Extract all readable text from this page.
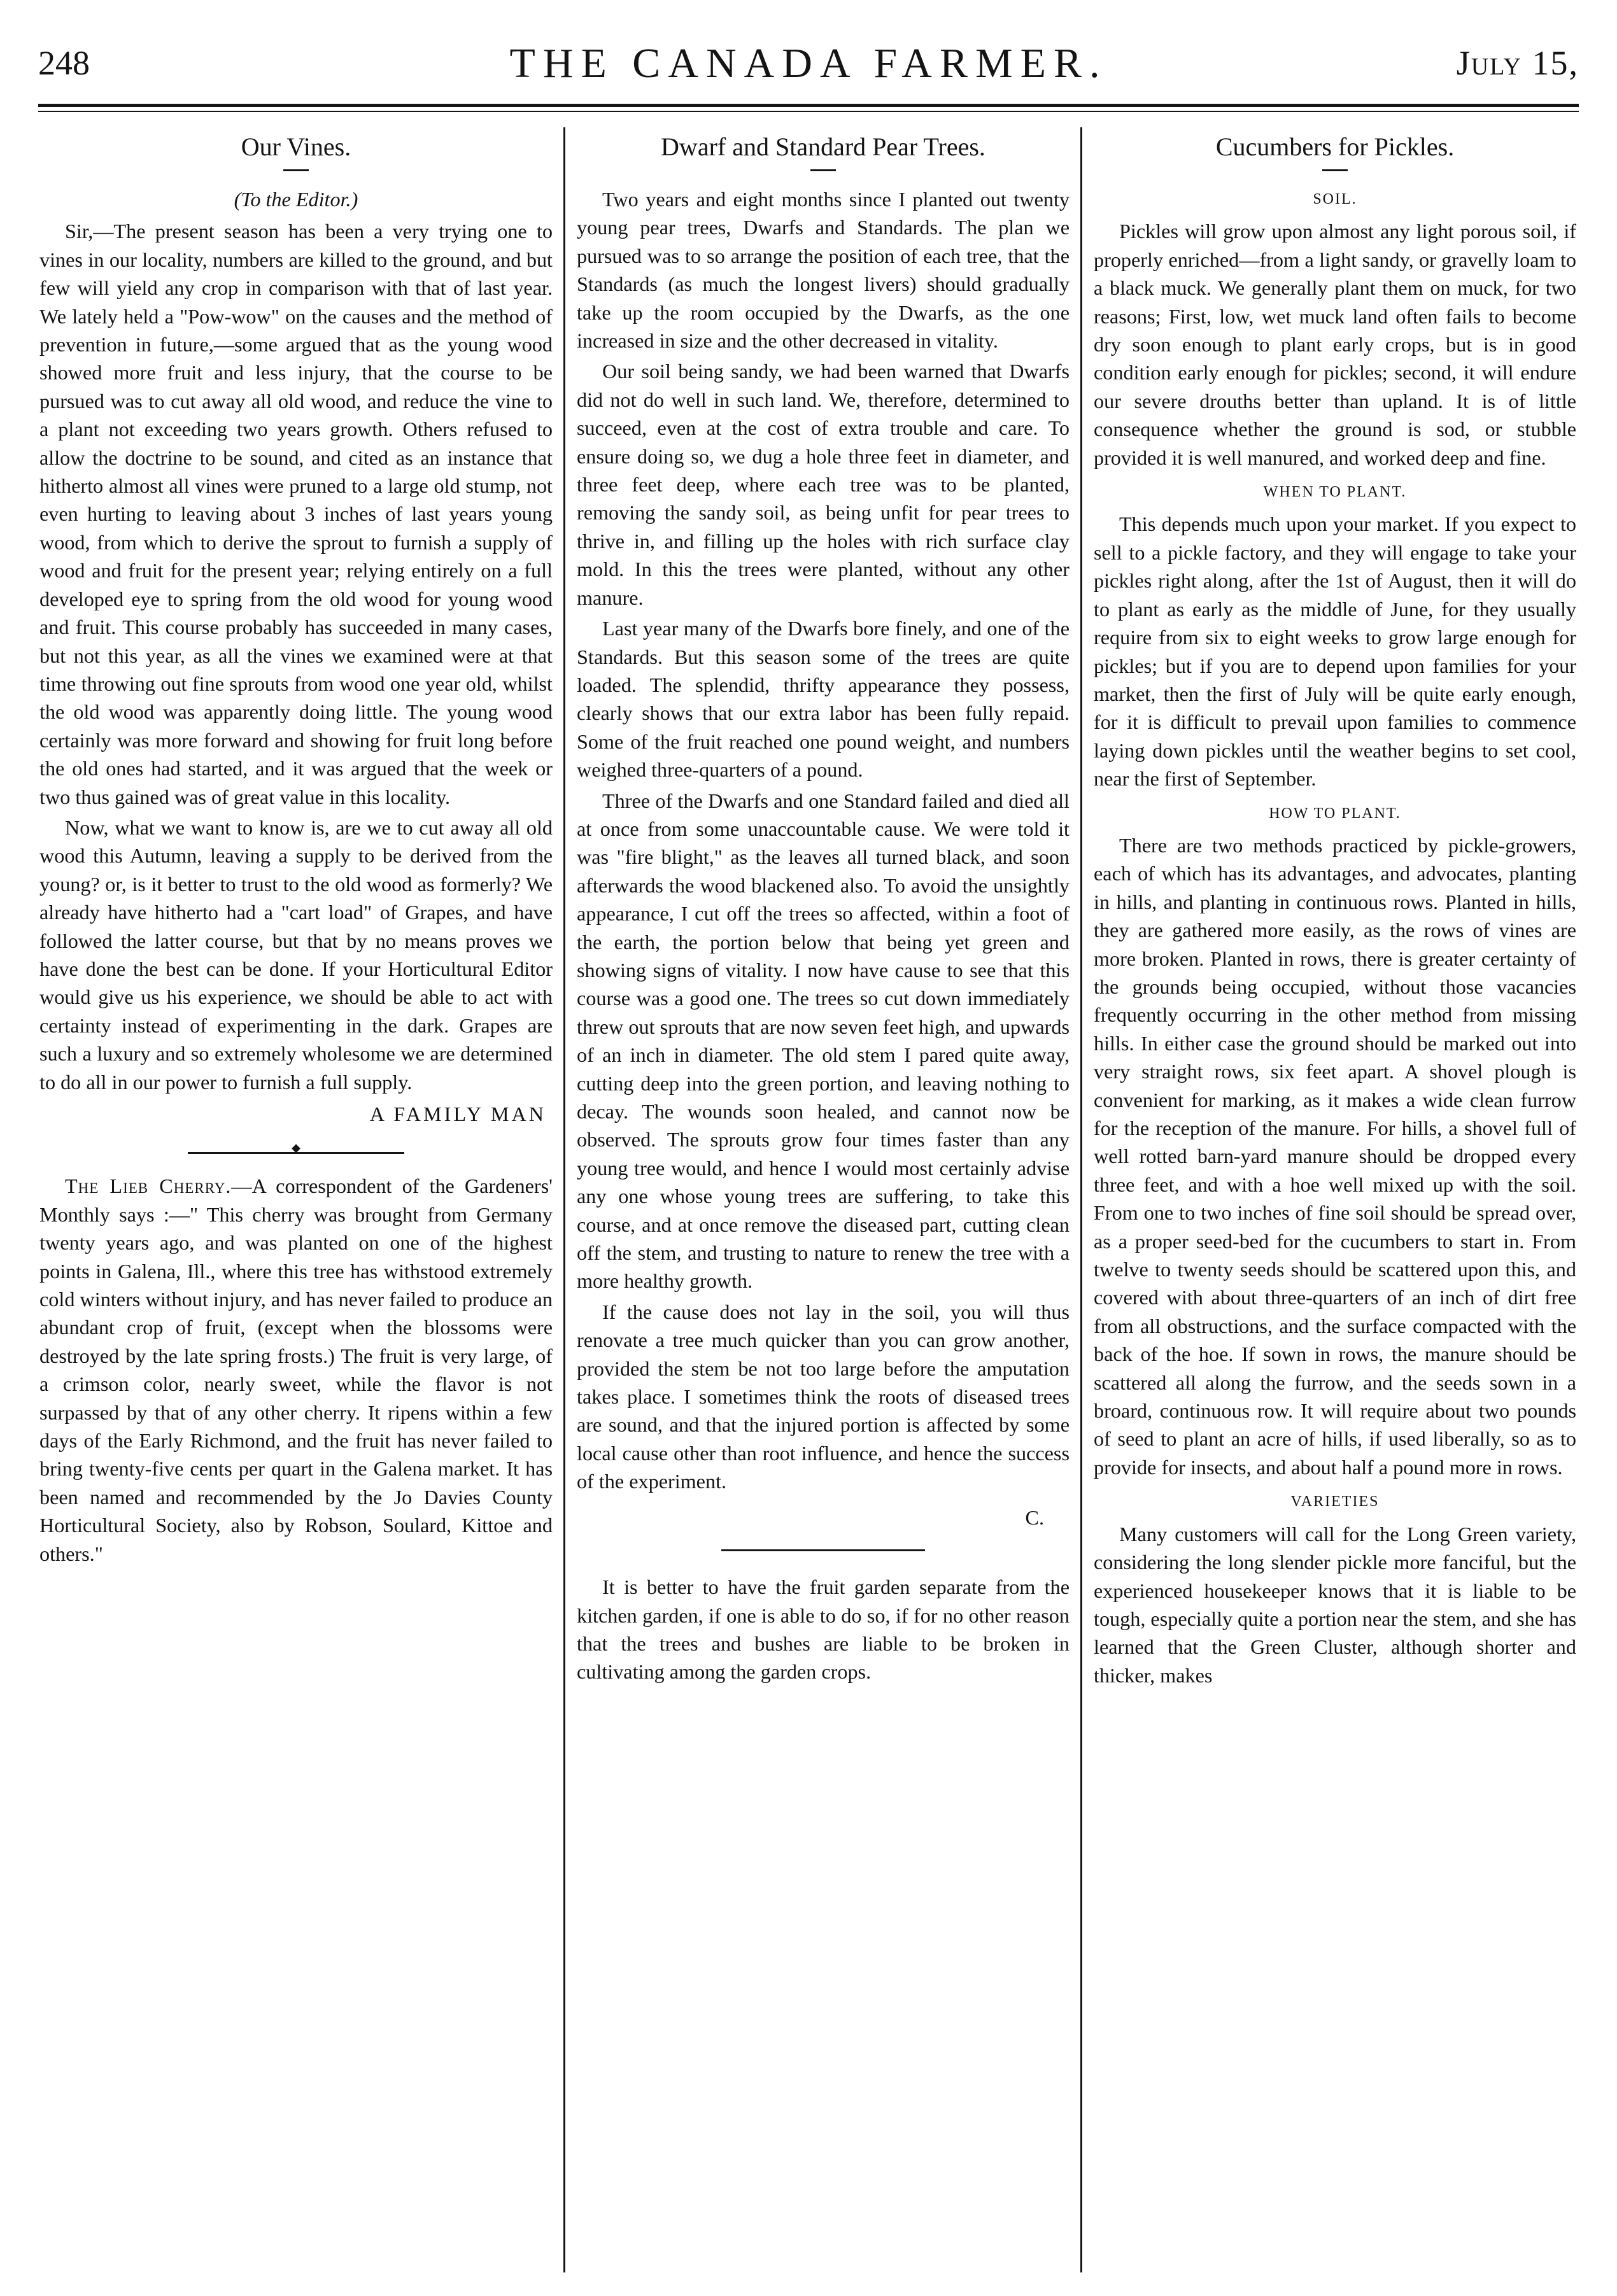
248	THE CANADA FARMER.	July 15,
Our Vines.

(To the Editor.)

Sir,—The present season has been a very trying one to vines in our locality, numbers are killed to the ground, and but few will yield any crop in comparison with that of last year. We lately held a "Pow-wow" on the causes and the method of prevention in future,—some argued that as the young wood showed more fruit and less injury, that the course to be pursued was to cut away all old wood, and reduce the vine to a plant not exceeding two years growth. Others refused to allow the doctrine to be sound, and cited as an instance that hitherto almost all vines were pruned to a large old stump, not even hurting to leaving about 3 inches of last years young wood, from which to derive the sprout to furnish a supply of wood and fruit for the present year; relying entirely on a full developed eye to spring from the old wood for young wood and fruit. This course probably has succeeded in many cases, but not this year, as all the vines we examined were at that time throwing out fine sprouts from wood one year old, whilst the old wood was apparently doing little. The young wood certainly was more forward and showing for fruit long before the old ones had started, and it was argued that the week or two thus gained was of great value in this locality.

Now, what we want to know is, are we to cut away all old wood this Autumn, leaving a supply to be derived from the young? or, is it better to trust to the old wood as formerly? We already have hitherto had a "cart load" of Grapes, and have followed the latter course, but that by no means proves we have done the best can be done. If your Horticultural Editor would give us his experience, we should be able to act with certainty instead of experimenting in the dark. Grapes are such a luxury and so extremely wholesome we are determined to do all in our power to furnish a full supply.

A FAMILY MAN

◆

The Lieb Cherry.—A correspondent of the Gardeners' Monthly says :—" This cherry was brought from Germany twenty years ago, and was planted on one of the highest points in Galena, Ill., where this tree has withstood extremely cold winters without injury, and has never failed to produce an abundant crop of fruit, (except when the blossoms were destroyed by the late spring frosts.) The fruit is very large, of a crimson color, nearly sweet, while the flavor is not surpassed by that of any other cherry. It ripens within a few days of the Early Richmond, and the fruit has never failed to bring twenty-five cents per quart in the Galena market. It has been named and recommended by the Jo Davies County Horticultural Society, also by Robson, Soulard, Kittoe and others."

Dwarf and Standard Pear Trees.

Two years and eight months since I planted out twenty young pear trees, Dwarfs and Standards. The plan we pursued was to so arrange the position of each tree, that the Standards (as much the longest livers) should gradually take up the room occupied by the Dwarfs, as the one increased in size and the other decreased in vitality.

Our soil being sandy, we had been warned that Dwarfs did not do well in such land. We, therefore, determined to succeed, even at the cost of extra trouble and care. To ensure doing so, we dug a hole three feet in diameter, and three feet deep, where each tree was to be planted, removing the sandy soil, as being unfit for pear trees to thrive in, and filling up the holes with rich surface clay mold. In this the trees were planted, without any other manure.

Last year many of the Dwarfs bore finely, and one of the Standards. But this season some of the trees are quite loaded. The splendid, thrifty appearance they possess, clearly shows that our extra labor has been fully repaid. Some of the fruit reached one pound weight, and numbers weighed three-quarters of a pound.

Three of the Dwarfs and one Standard failed and died all at once from some unaccountable cause. We were told it was "fire blight," as the leaves all turned black, and soon afterwards the wood blackened also. To avoid the unsightly appearance, I cut off the trees so affected, within a foot of the earth, the portion below that being yet green and showing signs of vitality. I now have cause to see that this course was a good one. The trees so cut down immediately threw out sprouts that are now seven feet high, and upwards of an inch in diameter. The old stem I pared quite away, cutting deep into the green portion, and leaving nothing to decay. The wounds soon healed, and cannot now be observed. The sprouts grow four times faster than any young tree would, and hence I would most certainly advise any one whose young trees are suffering, to take this course, and at once remove the diseased part, cutting clean off the stem, and trusting to nature to renew the tree with a more healthy growth.

If the cause does not lay in the soil, you will thus renovate a tree much quicker than you can grow another, provided the stem be not too large before the amputation takes place. I sometimes think the roots of diseased trees are sound, and that the injured portion is affected by some local cause other than root influence, and hence the success of the experiment.

C.

It is better to have the fruit garden separate from the kitchen garden, if one is able to do so, if for no other reason that the trees and bushes are liable to be broken in cultivating among the garden crops.

Cucumbers for Pickles.

SOIL.

Pickles will grow upon almost any light porous soil, if properly enriched—from a light sandy, or gravelly loam to a black muck. We generally plant them on muck, for two reasons; First, low, wet muck land often fails to become dry soon enough to plant early crops, but is in good condition early enough for pickles; second, it will endure our severe drouths better than upland. It is of little consequence whether the ground is sod, or stubble provided it is well manured, and worked deep and fine.

WHEN TO PLANT.

This depends much upon your market. If you expect to sell to a pickle factory, and they will engage to take your pickles right along, after the 1st of August, then it will do to plant as early as the middle of June, for they usually require from six to eight weeks to grow large enough for pickles; but if you are to depend upon families for your market, then the first of July will be quite early enough, for it is difficult to prevail upon families to commence laying down pickles until the weather begins to set cool, near the first of September.

HOW TO PLANT.

There are two methods practiced by pickle-growers, each of which has its advantages, and advocates, planting in hills, and planting in continuous rows. Planted in hills, they are gathered more easily, as the rows of vines are more broken. Planted in rows, there is greater certainty of the grounds being occupied, without those vacancies frequently occurring in the other method from missing hills. In either case the ground should be marked out into very straight rows, six feet apart. A shovel plough is convenient for marking, as it makes a wide clean furrow for the reception of the manure. For hills, a shovel full of well rotted barn-yard manure should be dropped every three feet, and with a hoe well mixed up with the soil. From one to two inches of fine soil should be spread over, as a proper seed-bed for the cucumbers to start in. From twelve to twenty seeds should be scattered upon this, and covered with about three-quarters of an inch of dirt free from all obstructions, and the surface compacted with the back of the hoe. If sown in rows, the manure should be scattered all along the furrow, and the seeds sown in a broard, continuous row. It will require about two pounds of seed to plant an acre of hills, if used liberally, so as to provide for insects, and about half a pound more in rows.

VARIETIES

Many customers will call for the Long Green variety, considering the long slender pickle more fanciful, but the experienced housekeeper knows that it is liable to be tough, especially quite a portion near the stem, and she has learned that the Green Cluster, although shorter and thicker, makes
